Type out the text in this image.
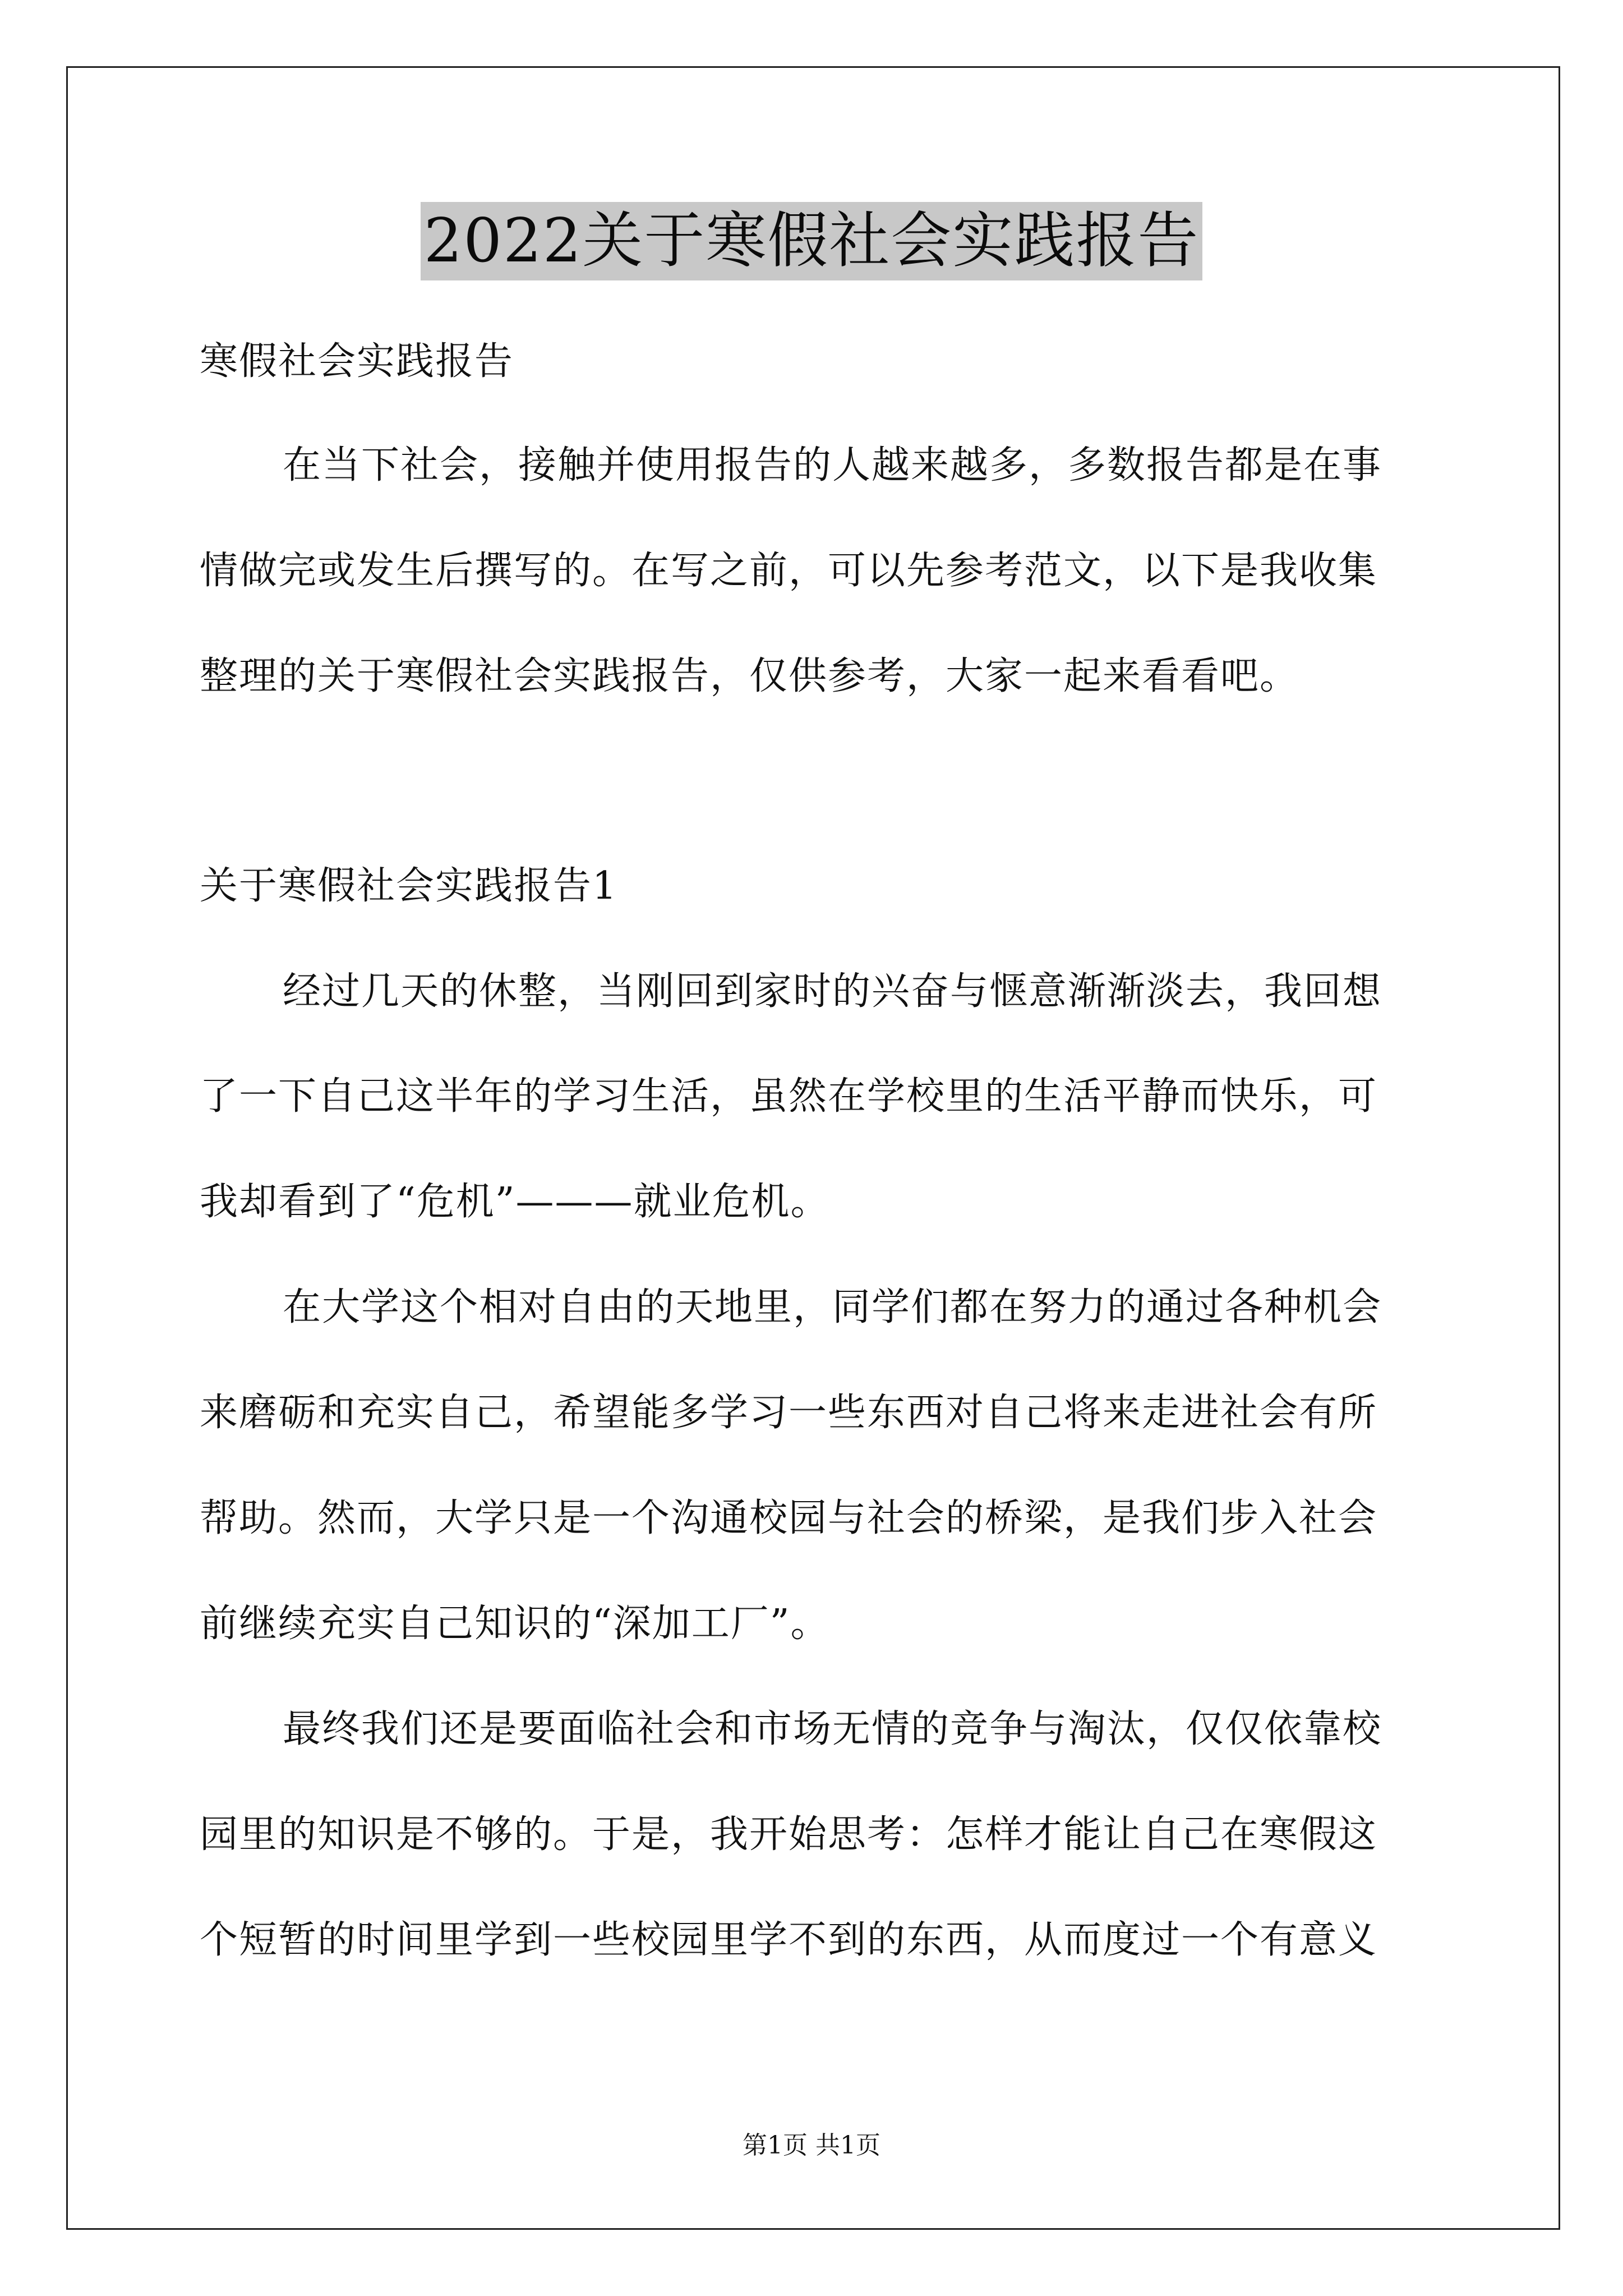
2022关于寒假社会实践报告
寒假社会实践报告
在当下社会，接触并使用报告的人越来越多，多数报告都是在事
情做完或发生后撰写的。在写之前，可以先参考范文，以下是我收集
整理的关于寒假社会实践报告，仅供参考，大家一起来看看吧。
关于寒假社会实践报告1
经过几天的休整，当刚回到家时的兴奋与惬意渐渐淡去，我回想
了一下自己这半年的学习生活，虽然在学校里的生活平静而快乐，可
我却看到了“危机”———就业危机。
在大学这个相对自由的天地里，同学们都在努力的通过各种机会
来磨砺和充实自己，希望能多学习一些东西对自己将来走进社会有所
帮助。然而，大学只是一个沟通校园与社会的桥梁，是我们步入社会
前继续充实自己知识的“深加工厂”。
最终我们还是要面临社会和市场无情的竞争与淘汰，仅仅依靠校
园里的知识是不够的。于是，我开始思考：怎样才能让自己在寒假这
个短暂的时间里学到一些校园里学不到的东西，从而度过一个有意义
第1页 共1页
